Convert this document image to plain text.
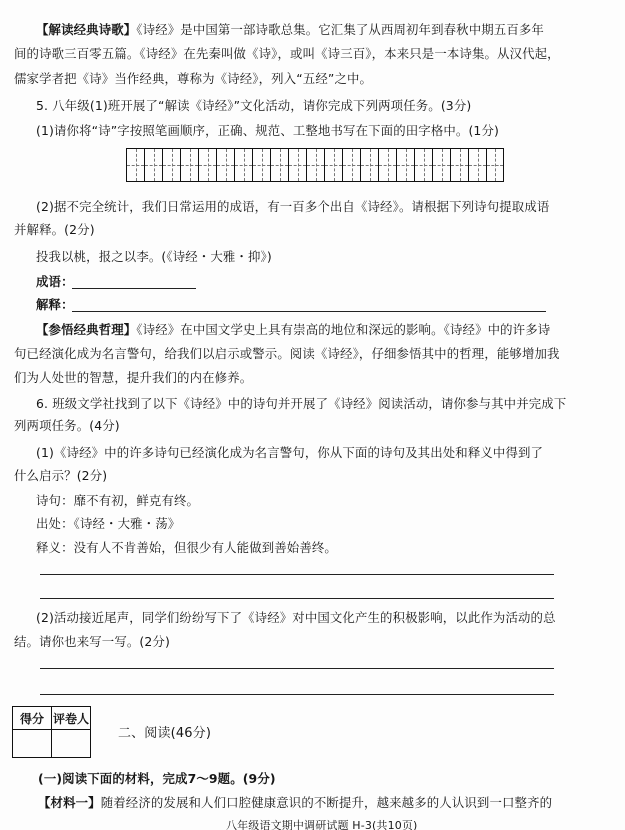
【解读经典诗歌】《诗经》是中国第一部诗歌总集。它汇集了从西周初年到春秋中期五百多年
间的诗歌三百零五篇。《诗经》在先秦叫做《诗》，或叫《诗三百》，本来只是一本诗集。从汉代起，
儒家学者把《诗》当作经典，尊称为《诗经》，列入“五经”之中。
5. 八年级(1)班开展了“解读《诗经》”文化活动，请你完成下列两项任务。(3分)
(1)请你将“诗”字按照笔画顺序，正确、规范、工整地书写在下面的田字格中。(1分)
(2)据不完全统计，我们日常运用的成语，有一百多个出自《诗经》。请根据下列诗句提取成语
并解释。(2分)
投我以桃，报之以李。(《诗经・大雅・抑》)
成语：
解释：
【参悟经典哲理】《诗经》在中国文学史上具有崇高的地位和深远的影响。《诗经》中的许多诗
句已经演化成为名言警句，给我们以启示或警示。阅读《诗经》，仔细参悟其中的哲理，能够增加我
们为人处世的智慧，提升我们的内在修养。
6. 班级文学社找到了以下《诗经》中的诗句并开展了《诗经》阅读活动，请你参与其中并完成下
列两项任务。(4分)
(1)《诗经》中的许多诗句已经演化成为名言警句，你从下面的诗句及其出处和释义中得到了
什么启示？(2分)
诗句：靡不有初，鲜克有终。
出处：《诗经・大雅・荡》
释义：没有人不肯善始，但很少有人能做到善始善终。
(2)活动接近尾声，同学们纷纷写下了《诗经》对中国文化产生的积极影响，以此作为活动的总
结。请你也来写一写。(2分)
得分	评卷人

二、阅读(46分)
(一)阅读下面的材料，完成7～9题。(9分)
【材料一】随着经济的发展和人们口腔健康意识的不断提升，越来越多的人认识到一口整齐的
八年级语文期中调研试题 H-3(共10页)
